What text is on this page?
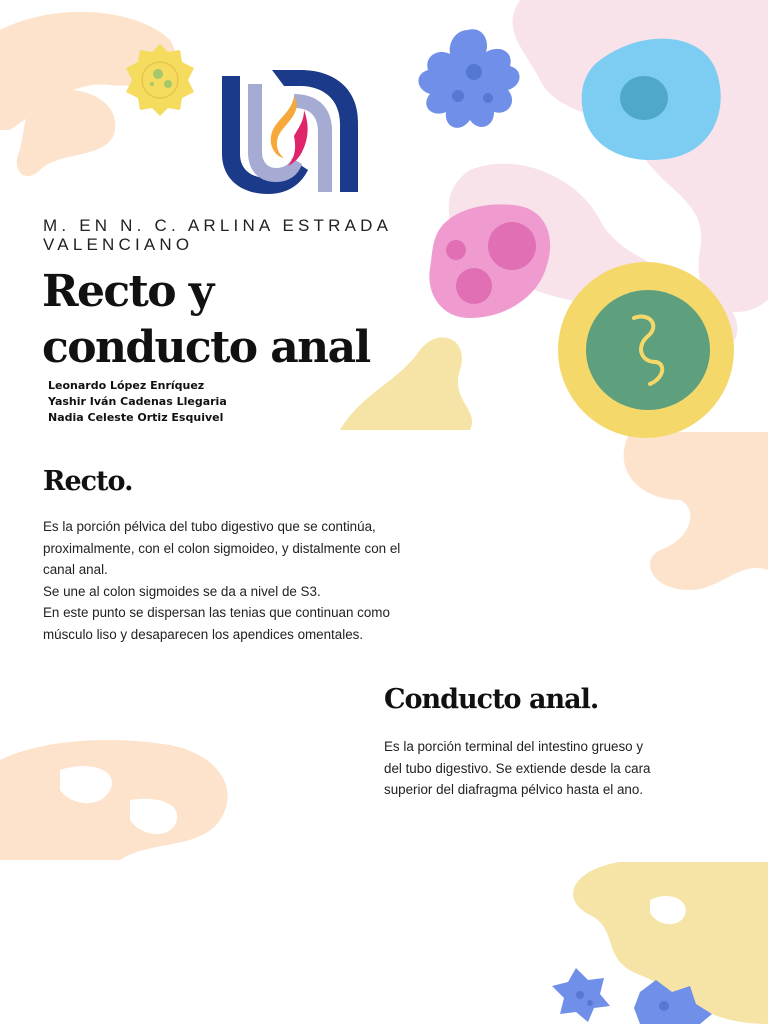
M. EN N. C. ARLINA ESTRADA VALENCIANO
Recto y
conducto anal
Leonardo López Enríquez
Yashir Iván Cadenas Llegaria
Nadia Celeste Ortiz Esquivel
Recto.
Es la porción pélvica del tubo digestivo que se continúa, proximalmente, con el colon sigmoideo, y distalmente con el canal anal.
Se une al colon sigmoides se da a nivel de S3.
En este punto se dispersan las tenias que continuan como músculo liso y desaparecen los apendices omentales.
Conducto anal.

Es la porción terminal del intestino grueso y del tubo digestivo. Se extiende desde la cara superior del diafragma pélvico hasta el ano.
